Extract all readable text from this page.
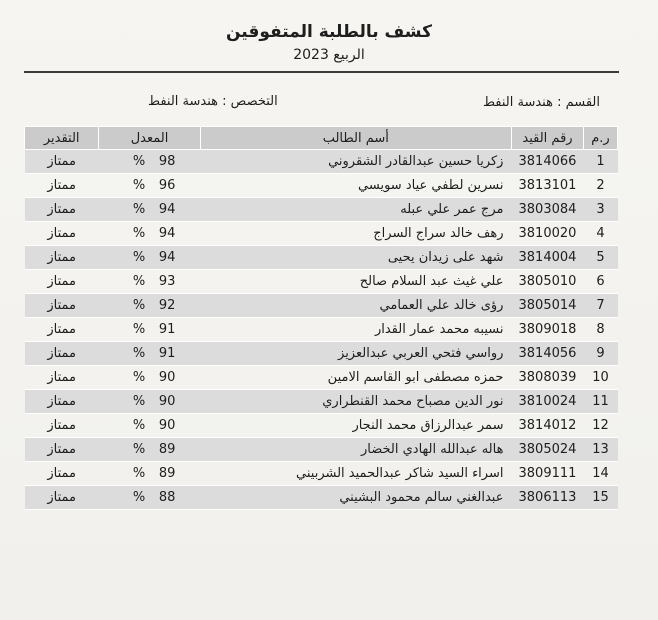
كشف بالطلبة المتفوقين
الربيع 2023
القسم : هندسة النفط
التخصص : هندسة النفط
التقدير	المعدل	أسم الطالب	رقم القيد	ر.م
ممتاز	% 98	زكريا حسين عبدالقادر الشقروني	3814066	1
ممتاز	% 96	نسرين لطفي عياد سويسي	3813101	2
ممتاز	% 94	مرج عمر علي عبله	3803084	3
ممتاز	% 94	رهف خالد سراج السراج	3810020	4
ممتاز	% 94	شهد على زيدان يحيى	3814004	5
ممتاز	% 93	علي غيث عبد السلام صالح	3805010	6
ممتاز	% 92	رؤى خالد علي العمامي	3805014	7
ممتاز	% 91	نسيبه محمد عمار القدار	3809018	8
ممتاز	% 91	رواسي فتحي العربي عبدالعزيز	3814056	9
ممتاز	% 90	حمزه مصطفى ابو القاسم الامين	3808039	10
ممتاز	% 90	نور الدين مصباح محمد القنطراري	3810024	11
ممتاز	% 90	سمر عبدالرزاق محمد النجار	3814012	12
ممتاز	% 89	هاله عبدالله الهادي الخضار	3805024	13
ممتاز	% 89	اسراء السيد شاكر عبدالحميد الشربيني	3809111	14
ممتاز	% 88	عبدالغني سالم محمود البشيني	3806113	15
